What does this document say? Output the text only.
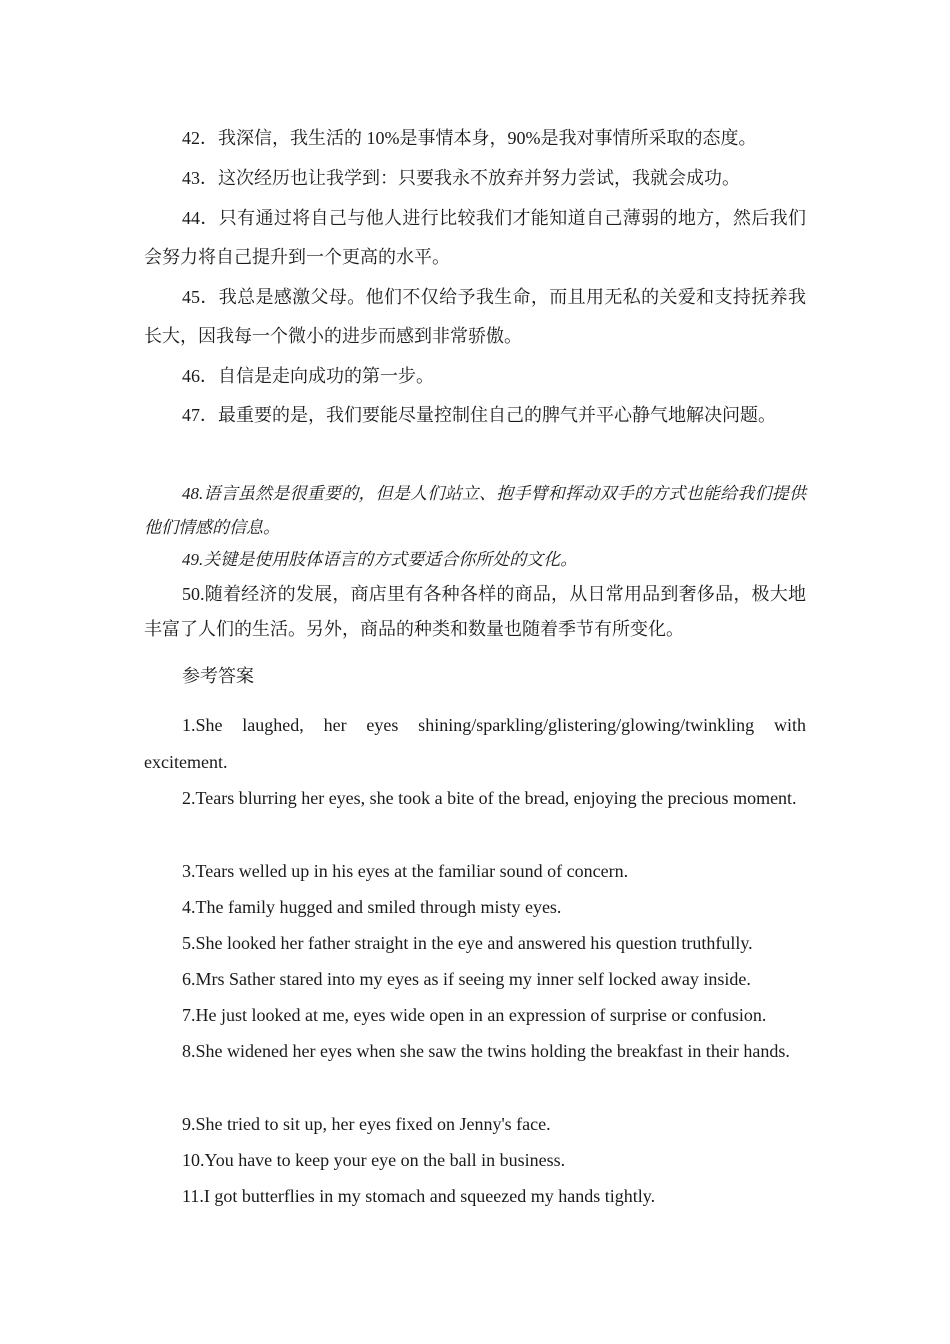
42．我深信，我生活的 10%是事情本身，90%是我对事情所采取的态度。

43．这次经历也让我学到：只要我永不放弃并努力尝试，我就会成功。

44．只有通过将自己与他人进行比较我们才能知道自己薄弱的地方，然后我们会努力将自己提升到一个更高的水平。

45．我总是感激父母。他们不仅给予我生命，而且用无私的关爱和支持抚养我长大，因我每一个微小的进步而感到非常骄傲。

46．自信是走向成功的第一步。

47．最重要的是，我们要能尽量控制住自己的脾气并平心静气地解决问题。

48.语言虽然是很重要的，但是人们站立、抱手臂和挥动双手的方式也能给我们提供他们情感的信息。

49.关键是使用肢体语言的方式要适合你所处的文化。

50.随着经济的发展，商店里有各种各样的商品，从日常用品到奢侈品，极大地丰富了人们的生活。另外，商品的种类和数量也随着季节有所变化。

参考答案

1.She laughed, her eyes shining/sparkling/glistering/glowing/twinkling with excitement.

2.Tears blurring her eyes, she took a bite of the bread, enjoying the precious moment.

3.Tears welled up in his eyes at the familiar sound of concern.

4.The family hugged and smiled through misty eyes.

5.She looked her father straight in the eye and answered his question truthfully.

6.Mrs Sather stared into my eyes as if seeing my inner self locked away inside.

7.He just looked at me, eyes wide open in an expression of surprise or confusion.

8.She widened her eyes when she saw the twins holding the breakfast in their hands.

9.She tried to sit up, her eyes fixed on Jenny's face.

10.You have to keep your eye on the ball in business.

11.I got butterflies in my stomach and squeezed my hands tightly.
